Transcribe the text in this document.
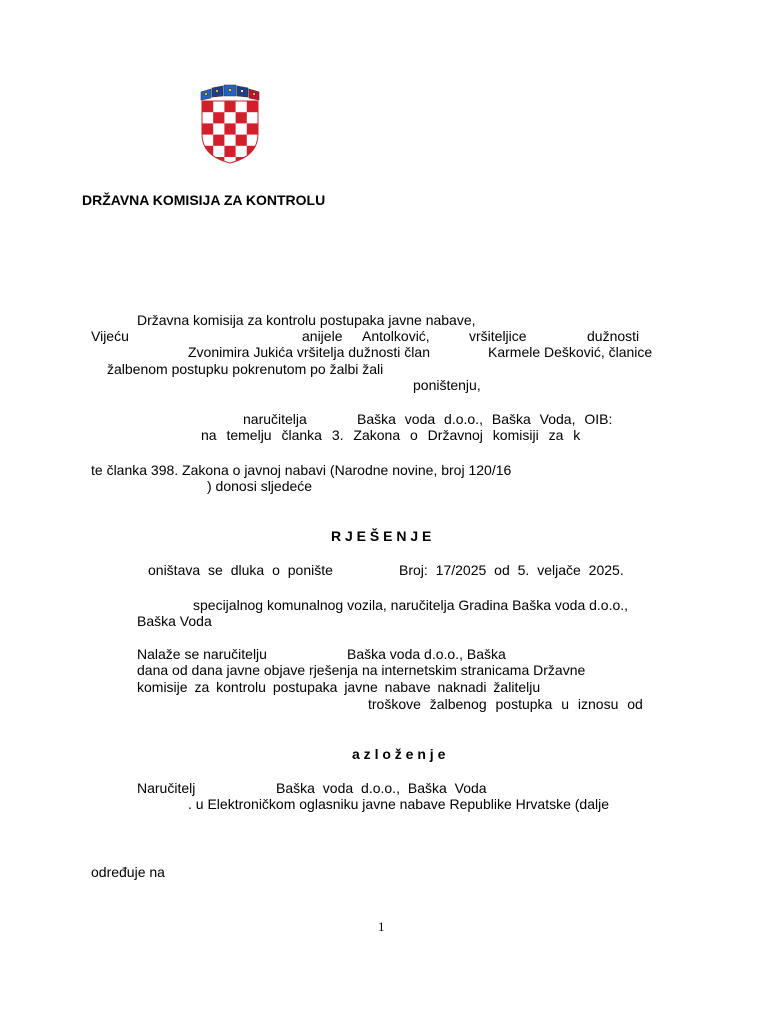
DRŽAVNA KOMISIJA ZA KONTROLU
Državna komisija za kontrolu postupaka javne nabave,
Vijeću	anijele Antolković,	vršiteljice	dužnosti
Zvonimira Jukića vršitelja dužnosti član	Karmele Dešković, članice
žalbenom postupku pokrenutom po žalbi žali
poništenju,
naručitelja	Baška voda d.o.o., Baška Voda, OIB:
na temelju članka 3. Zakona o Državnoj komisiji za k
te članka 398. Zakona o javnoj nabavi (Narodne novine, broj 120/16
) donosi sljedeće
R J E Š E N J E
oništava se dluka o ponište	Broj: 17/2025 od 5. veljače 2025.
specijalnog komunalnog vozila, naručitelja Gradina Baška voda d.o.o.,
Baška Voda
Nalaže se naručitelju	Baška voda d.o.o., Baška
dana od dana javne objave rješenja na internetskim stranicama Državne
komisije za kontrolu postupaka javne nabave naknadi žalitelju
troškove žalbenog postupka u iznosu od
a z l o ž e n j e
Naručitelj	Baška voda d.o.o., Baška Voda
. u Elektroničkom oglasniku javne nabave Republike Hrvatske (dalje
određuje na
1
